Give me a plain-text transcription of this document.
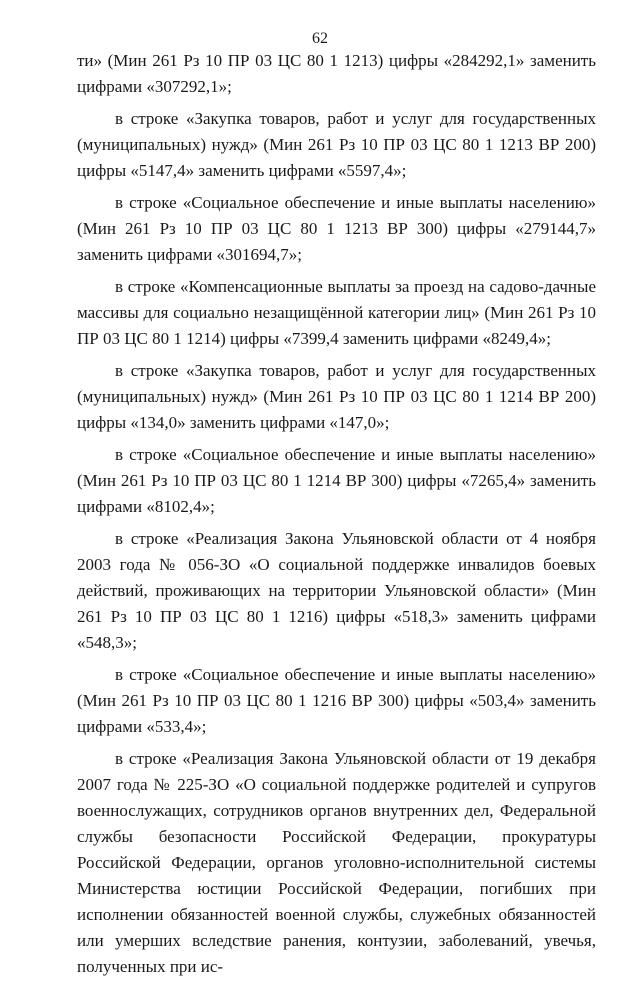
62

ти» (Мин 261 Рз 10 ПР 03 ЦС 80 1 1213) цифры «284292,1» заменить цифрами «307292,1»;

в строке «Закупка товаров, работ и услуг для государственных (муниципальных) нужд» (Мин 261 Рз 10 ПР 03 ЦС 80 1 1213 ВР 200) цифры «5147,4» заменить цифрами «5597,4»;

в строке «Социальное обеспечение и иные выплаты населению» (Мин 261 Рз 10 ПР 03 ЦС 80 1 1213 ВР 300) цифры «279144,7» заменить цифрами «301694,7»;

в строке «Компенсационные выплаты за проезд на садово-дачные массивы для социально незащищённой категории лиц» (Мин 261 Рз 10 ПР 03 ЦС 80 1 1214) цифры «7399,4 заменить цифрами «8249,4»;

в строке «Закупка товаров, работ и услуг для государственных (муниципальных) нужд» (Мин 261 Рз 10 ПР 03 ЦС 80 1 1214 ВР 200) цифры «134,0» заменить цифрами «147,0»;

в строке «Социальное обеспечение и иные выплаты населению» (Мин 261 Рз 10 ПР 03 ЦС 80 1 1214 ВР 300) цифры «7265,4» заменить цифрами «8102,4»;

в строке «Реализация Закона Ульяновской области от 4 ноября 2003 года № 056-ЗО «О социальной поддержке инвалидов боевых действий, проживающих на территории Ульяновской области» (Мин 261 Рз 10 ПР 03 ЦС 80 1 1216) цифры «518,3» заменить цифрами «548,3»;

в строке «Социальное обеспечение и иные выплаты населению» (Мин 261 Рз 10 ПР 03 ЦС 80 1 1216 ВР 300) цифры «503,4» заменить цифрами «533,4»;

в строке «Реализация Закона Ульяновской области от 19 декабря 2007 года № 225-ЗО «О социальной поддержке родителей и супругов военнослужащих, сотрудников органов внутренних дел, Федеральной службы безопасности Российской Федерации, прокуратуры Российской Федерации, органов уголовно-исполнительной системы Министерства юстиции Российской Федерации, погибших при исполнении обязанностей военной службы, служебных обязанностей или умерших вследствие ранения, контузии, заболеваний, увечья, полученных при ис-
